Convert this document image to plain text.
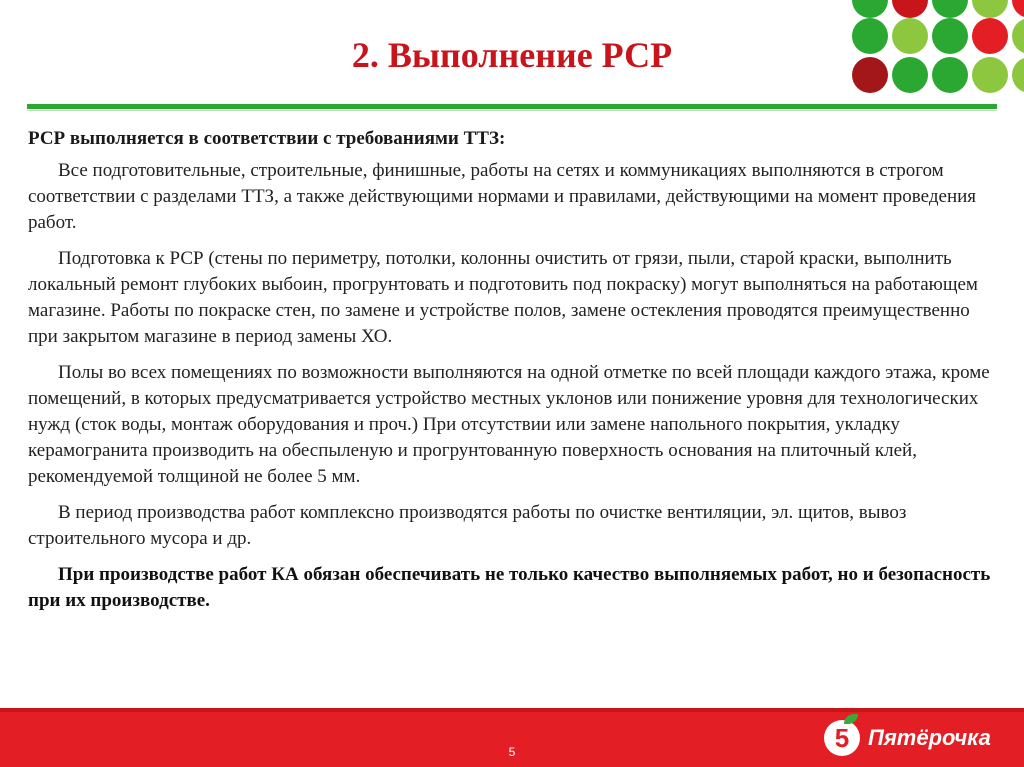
2. Выполнение РСР

РСР выполняется в соответствии с требованиями ТТЗ:

Все подготовительные, строительные, финишные, работы на сетях и коммуникациях выполняются в строгом соответствии с разделами ТТЗ, а также действующими нормами и правилами, действующими на момент проведения работ.

Подготовка к РСР (стены по периметру, потолки, колонны очистить от грязи, пыли, старой краски, выполнить локальный ремонт глубоких выбоин, прогрунтовать и подготовить под покраску) могут выполняться на работающем магазине. Работы по покраске стен, по замене и устройстве полов, замене остекления проводятся преимущественно при закрытом магазине в период замены ХО.

Полы во всех помещениях по возможности выполняются на одной отметке по всей площади каждого этажа, кроме помещений, в которых предусматривается устройство местных уклонов или понижение уровня для технологических нужд (сток воды, монтаж оборудования и проч.) При отсутствии или замене напольного покрытия, укладку керамогранита производить на обеспыленую и прогрунтованную поверхность основания на плиточный клей, рекомендуемой толщиной не более 5 мм.

В период производства работ комплексно производятся работы по очистке вентиляции, эл. щитов, вывоз строительного мусора и др.

При производстве работ КА обязан обеспечивать не только качество выполняемых работ, но и безопасность при их производстве.

5	5 Пятёрочка
